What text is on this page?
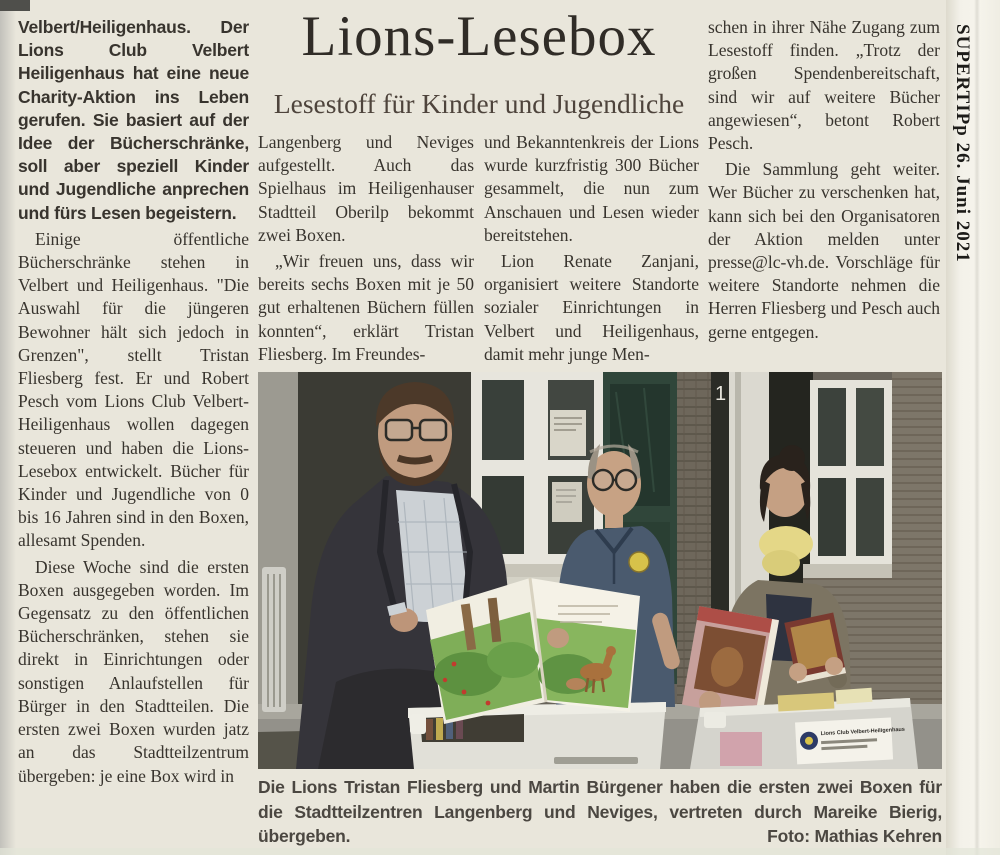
SUPERTIPp 26. Juni 2021
Lions-Lesebox
Lesestoff für Kinder und Jugendliche

Velbert/Heiligenhaus. Der Lions Club Velbert Heiligenhaus hat eine neue Charity-Aktion ins Leben gerufen. Sie basiert auf der Idee der Bücherschränke, soll aber speziell Kinder und Jugendliche anprechen und fürs Lesen begeistern.

Einige öffentliche Bücherschränke stehen in Velbert und Heiligenhaus. "Die Auswahl für die jüngeren Bewohner hält sich jedoch in Grenzen", stellt Tristan Fliesberg fest. Er und Robert Pesch vom Lions Club Velbert-Heiligenhaus wollen dagegen steueren und haben die Lions-Lesebox entwickelt. Bücher für Kinder und Jugendliche von 0 bis 16 Jahren sind in den Boxen, allesamt Spenden.

Diese Woche sind die ersten Boxen ausgegeben worden. Im Gegensatz zu den öffentlichen Bücherschränken, stehen sie direkt in Einrichtungen oder sonstigen Anlaufstellen für Bürger in den Stadtteilen. Die ersten zwei Boxen wurden jatz an das Stadtteilzentrum übergeben: je eine Box wird in

Langenberg und Neviges aufgestellt. Auch das Spielhaus im Heiligenhauser Stadtteil Oberilp bekommt zwei Boxen.

„Wir freuen uns, dass wir bereits sechs Boxen mit je 50 gut erhaltenen Büchern füllen konnten“, erklärt Tristan Fliesberg. Im Freundes-

und Bekanntenkreis der Lions wurde kurzfristig 300 Bücher gesammelt, die nun zum Anschauen und Lesen wieder bereitstehen.

Lion Renate Zanjani, organisiert weitere Standorte sozialer Einrichtungen in Velbert und Heiligenhaus, damit mehr junge Men-

schen in ihrer Nähe Zugang zum Lesestoff finden. „Trotz der großen Spendenbereitschaft, sind wir auf weitere Bücher angewiesen“, betont Robert Pesch.

Die Sammlung geht weiter. Wer Bücher zu verschenken hat, kann sich bei den Organisatoren der Aktion melden unter presse@lc-vh.de. Vorschläge für weitere Standorte nehmen die Herren Fliesberg und Pesch auch gerne entgegen.

1
Lions Club Velbert-Heiligenhaus
Die Lions Tristan Fliesberg und Martin Bürgener haben die ersten zwei Boxen für die Stadtteilzentren Langenberg und Neviges, vertreten durch Mareike Bierig, übergeben.	Foto: Mathias Kehren
